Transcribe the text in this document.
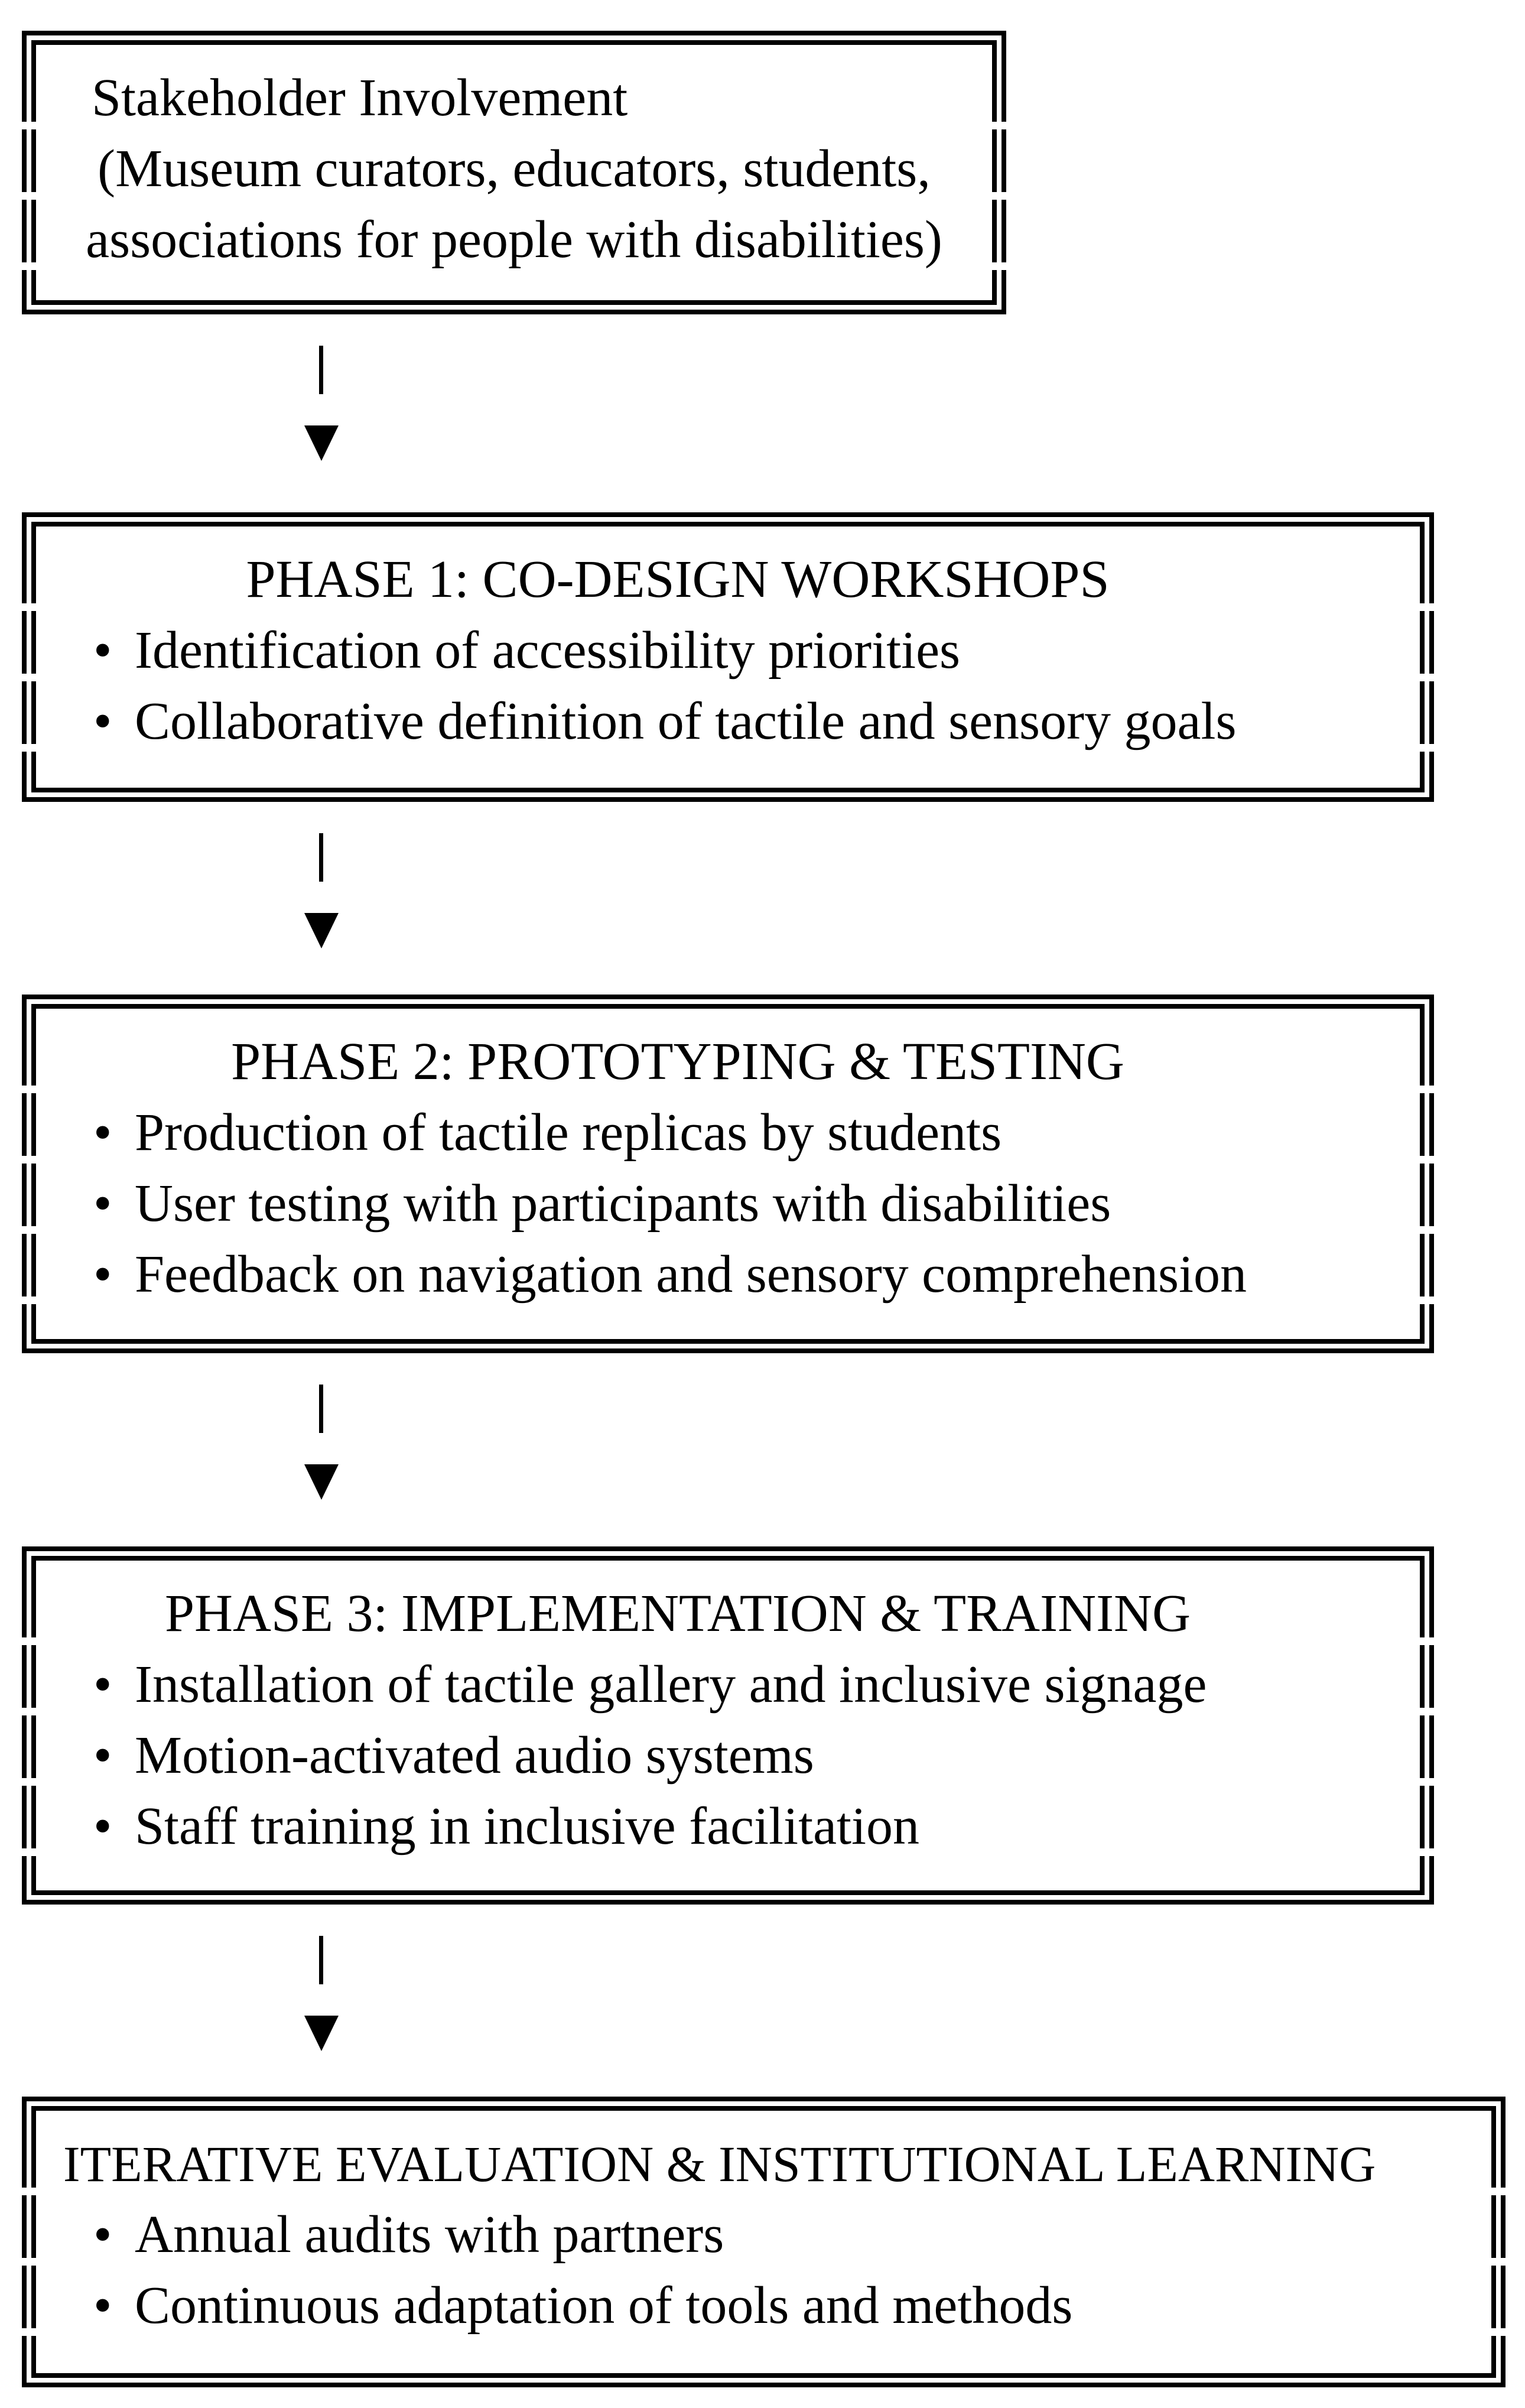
Stakeholder Involvement
(Museum curators, educators, students,
associations for people with disabilities)
PHASE 1: CO-DESIGN WORKSHOPS
• Identification of accessibility priorities
• Collaborative definition of tactile and sensory goals
PHASE 2: PROTOTYPING & TESTING
• Production of tactile replicas by students
• User testing with participants with disabilities
• Feedback on navigation and sensory comprehension
PHASE 3: IMPLEMENTATION & TRAINING
• Installation of tactile gallery and inclusive signage
• Motion-activated audio systems
• Staff training in inclusive facilitation
ITERATIVE EVALUATION & INSTITUTIONAL LEARNING
• Annual audits with partners
• Continuous adaptation of tools and methods
